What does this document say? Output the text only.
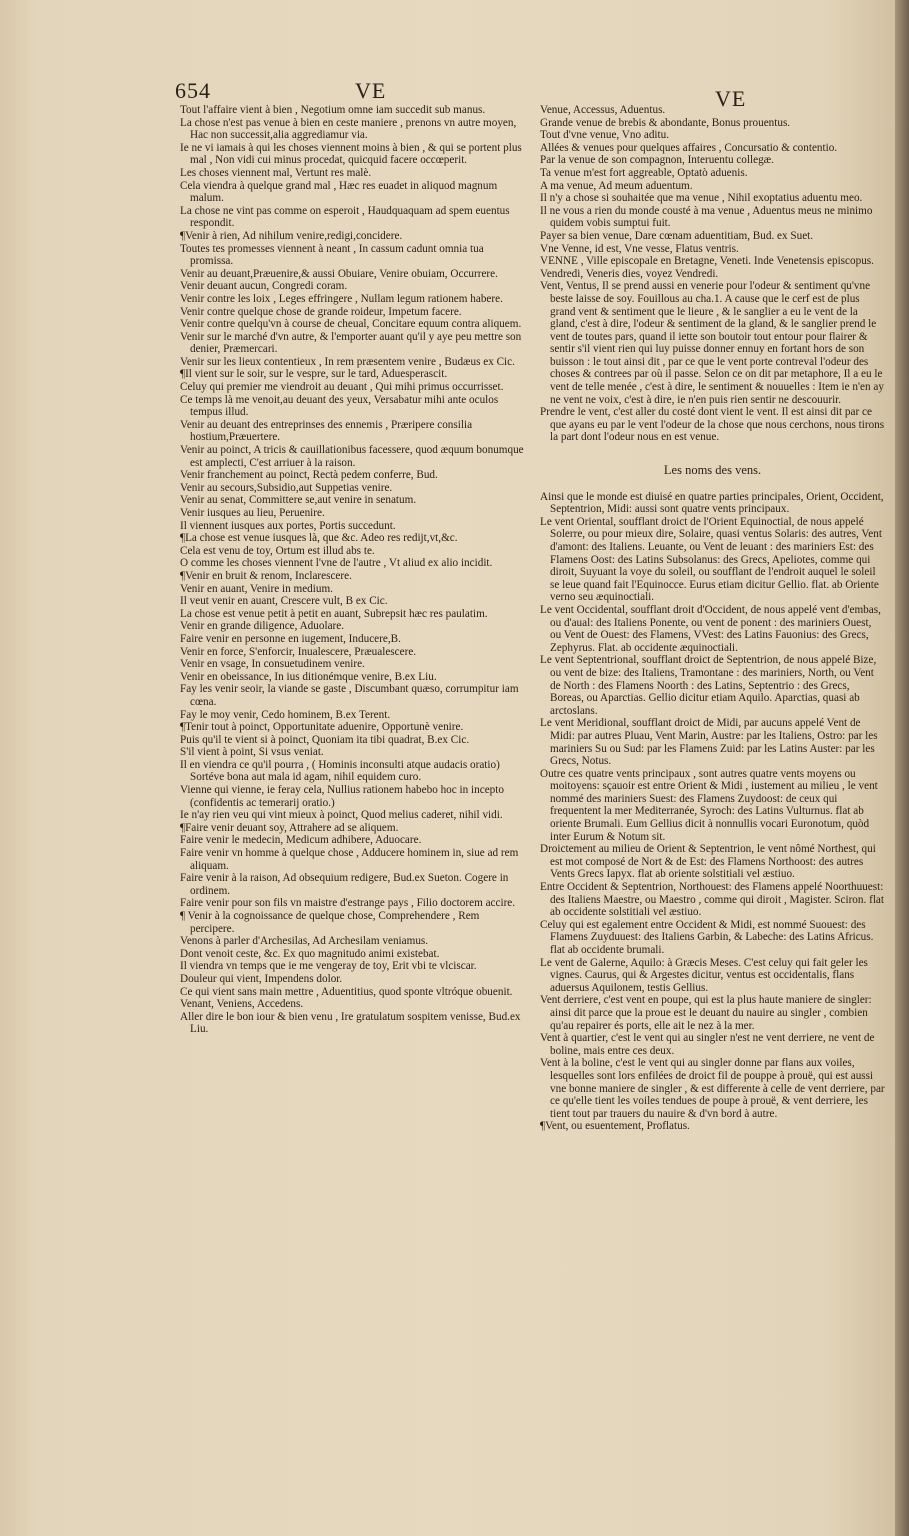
654	VE	VE

Tout l'affaire vient à bien , Negotium omne iam succedit sub manus.

La chose n'est pas venue à bien en ceste maniere , prenons vn autre moyen, Hac non successit,alia aggrediamur via.

Ie ne vi iamais à qui les choses viennent moins à bien , & qui se portent plus mal , Non vidi cui minus procedat, quicquid facere occœperit.

Les choses viennent mal, Vertunt res malè.

Cela viendra à quelque grand mal , Hæc res euadet in aliquod magnum malum.

La chose ne vint pas comme on esperoit , Haudquaquam ad spem euentus respondit.

¶Venir à rien, Ad nihilum venire,redigi,concidere.

Toutes tes promesses viennent à neant , In cassum cadunt omnia tua promissa.

Venir au deuant,Præuenire,& aussi Obuiare, Venire obuiam, Occurrere.

Venir deuant aucun, Congredi coram.

Venir contre les loix , Leges effringere , Nullam legum rationem habere.

Venir contre quelque chose de grande roideur, Impetum facere.

Venir contre quelqu'vn à course de cheual, Concitare equum contra aliquem.

Venir sur le marché d'vn autre, & l'emporter auant qu'il y aye peu mettre son denier, Præmercari.

Venir sur les lieux contentieux , In rem præsentem venire , Budæus ex Cic.

¶Il vient sur le soir, sur le vespre, sur le tard, Aduesperascit.

Celuy qui premier me viendroit au deuant , Qui mihi primus occurrisset.

Ce temps là me venoit,au deuant des yeux, Versabatur mihi ante oculos tempus illud.

Venir au deuant des entreprinses des ennemis , Præripere consilia hostium,Præuertere.

Venir au poinct, A tricis & cauillationibus facessere, quod æquum bonumque est amplecti, C'est arriuer à la raison.

Venir franchement au poinct, Rectà pedem conferre, Bud.

Venir au secours,Subsidio,aut Suppetias venire.

Venir au senat, Committere se,aut venire in senatum.

Venir iusques au lieu, Peruenire.

Il viennent iusques aux portes, Portis succedunt.

¶La chose est venue iusques là, que &c. Adeo res redijt,vt,&c.

Cela est venu de toy, Ortum est illud abs te.

O comme les choses viennent l'vne de l'autre , Vt aliud ex alio incidit.

¶Venir en bruit & renom, Inclarescere.

Venir en auant, Venire in medium.

Il veut venir en auant, Crescere vult, B ex Cic.

La chose est venue petit à petit en auant, Subrepsit hæc res paulatim.

Venir en grande diligence, Aduolare.

Faire venir en personne en iugement, Inducere,B.

Venir en force, S'enforcir, Inualescere, Præualescere.

Venir en vsage, In consuetudinem venire.

Venir en obeissance, In ius ditionémque venire, B.ex Liu.

Fay les venir seoir, la viande se gaste , Discumbant quæso, corrumpitur iam cœna.

Fay le moy venir, Cedo hominem, B.ex Terent.

¶Tenir tout à poinct, Opportunitate aduenire, Opportunè venire.

Puis qu'il te vient si à poinct, Quoniam ita tibi quadrat, B.ex Cic.

S'il vient à point, Si vsus veniat.

Il en viendra ce qu'il pourra , ( Hominis inconsulti atque audacis oratio) Sortéve bona aut mala id agam, nihil equidem curo.

Vienne qui vienne, ie feray cela, Nullius rationem habebo hoc in incepto (confidentis ac temerarij oratio.)

Ie n'ay rien veu qui vint mieux à poinct, Quod melius caderet, nihil vidi.

¶Faire venir deuant soy, Attrahere ad se aliquem.

Faire venir le medecin, Medicum adhibere, Aduocare.

Faire venir vn homme à quelque chose , Adducere hominem in, siue ad rem aliquam.

Faire venir à la raison, Ad obsequium redigere, Bud.ex Sueton. Cogere in ordinem.

Faire venir pour son fils vn maistre d'estrange pays , Filio doctorem accire.

¶ Venir à la cognoissance de quelque chose, Comprehendere , Rem percipere.

Venons à parler d'Archesilas, Ad Archesilam veniamus.

Dont venoit ceste, &c. Ex quo magnitudo animi existebat.

Il viendra vn temps que ie me vengeray de toy, Erit vbi te vlciscar.

Douleur qui vient, Impendens dolor.

Ce qui vient sans main mettre , Aduentitius, quod sponte vltróque obuenit.

Venant, Veniens, Accedens.

Aller dire le bon iour & bien venu , Ire gratulatum sospitem venisse, Bud.ex Liu.

Venue, Accessus, Aduentus.

Grande venue de brebis & abondante, Bonus prouentus.

Tout d'vne venue, Vno aditu.

Allées & venues pour quelques affaires , Concursatio & contentio.

Par la venue de son compagnon, Interuentu collegæ.

Ta venue m'est fort aggreable, Optatò aduenis.

A ma venue, Ad meum aduentum.

Il n'y a chose si souhaitée que ma venue , Nihil exoptatius aduentu meo.

Il ne vous a rien du monde cousté à ma venue , Aduentus meus ne minimo quidem vobis sumptui fuit.

Payer sa bien venue, Dare cœnam aduentitiam, Bud. ex Suet.

Vne Venne, id est, Vne vesse, Flatus ventris.

VENNE , Ville episcopale en Bretagne, Veneti. Inde Venetensis episcopus.

Vendredi, Veneris dies, voyez Vendredi.

Vent, Ventus, Il se prend aussi en venerie pour l'odeur & sentiment qu'vne beste laisse de soy. Fouillous au cha.1. A cause que le cerf est de plus grand vent & sentiment que le lieure , & le sanglier a eu le vent de la gland, c'est à dire, l'odeur & sentiment de la gland, & le sanglier prend le vent de toutes pars, quand il iette son boutoir tout entour pour flairer & sentir s'il vient rien qui luy puisse donner ennuy en fortant hors de son buisson : le tout ainsi dit , par ce que le vent porte contreval l'odeur des choses & contrees par où il passe. Selon ce on dit par metaphore, Il a eu le vent de telle menée , c'est à dire, le sentiment & nouuelles : Item ie n'en ay ne vent ne voix, c'est à dire, ie n'en puis rien sentir ne descouurir.

Prendre le vent, c'est aller du costé dont vient le vent. Il est ainsi dit par ce que ayans eu par le vent l'odeur de la chose que nous cerchons, nous tirons la part dont l'odeur nous en est venue.

Les noms des vens.

Ainsi que le monde est diuisé en quatre parties principales, Orient, Occident, Septentrion, Midi: aussi sont quatre vents principaux.

Le vent Oriental, soufflant droict de l'Orient Equinoctial, de nous appelé Solerre, ou pour mieux dire, Solaire, quasi ventus Solaris: des autres, Vent d'amont: des Italiens. Leuante, ou Vent de leuant : des mariniers Est: des Flamens Oost: des Latins Subsolanus: des Grecs, Apeliotes, comme qui diroit, Suyuant la voye du soleil, ou soufflant de l'endroit auquel le soleil se leue quand fait l'Equinocce. Eurus etiam dicitur Gellio. flat. ab Oriente verno seu æquinoctiali.

Le vent Occidental, soufflant droit d'Occident, de nous appelé vent d'embas, ou d'aual: des Italiens Ponente, ou vent de ponent : des mariniers Ouest, ou Vent de Ouest: des Flamens, VVest: des Latins Fauonius: des Grecs, Zephyrus. Flat. ab occidente æquinoctiali.

Le vent Septentrional, soufflant droict de Septentrion, de nous appelé Bize, ou vent de bize: des Italiens, Tramontane : des mariniers, North, ou Vent de North : des Flamens Noorth : des Latins, Septentrio : des Grecs, Boreas, ou Aparctias. Gellio dicitur etiam Aquilo. Aparctias, quasi ab arctoslans.

Le vent Meridional, soufflant droict de Midi, par aucuns appelé Vent de Midi: par autres Pluau, Vent Marin, Austre: par les Italiens, Ostro: par les mariniers Su ou Sud: par les Flamens Zuid: par les Latins Auster: par les Grecs, Notus.

Outre ces quatre vents principaux , sont autres quatre vents moyens ou moitoyens: sçauoir est entre Orient & Midi , iustement au milieu , le vent nommé des mariniers Suest: des Flamens Zuydoost: de ceux qui frequentent la mer Mediterranée, Syroch: des Latins Vulturnus. flat ab oriente Brumali. Eum Gellius dicit à nonnullis vocari Euronotum, quòd inter Eurum & Notum sit.

Droictement au milieu de Orient & Septentrion, le vent nômé Northest, qui est mot composé de Nort & de Est: des Flamens Northoost: des autres Vents Grecs Iapyx. flat ab oriente solstitiali vel æstiuo.

Entre Occident & Septentrion, Northouest: des Flamens appelé Noorthuuest: des Italiens Maestre, ou Maestro , comme qui diroit , Magister. Sciron. flat ab occidente solstitiali vel æstiuo.

Celuy qui est egalement entre Occident & Midi, est nommé Suouest: des Flamens Zuyduuest: des Italiens Garbin, & Labeche: des Latins Africus. flat ab occidente brumali.

Le vent de Galerne, Aquilo: à Græcis Meses. C'est celuy qui fait geler les vignes. Caurus, qui & Argestes dicitur, ventus est occidentalis, flans aduersus Aquilonem, testis Gellius.

Vent derriere, c'est vent en poupe, qui est la plus haute maniere de singler: ainsi dit parce que la proue est le deuant du nauire au singler , combien qu'au repairer és ports, elle ait le nez à la mer.

Vent à quartier, c'est le vent qui au singler n'est ne vent derriere, ne vent de boline, mais entre ces deux.

Vent à la boline, c'est le vent qui au singler donne par flans aux voiles, lesquelles sont lors enfilées de droict fil de pouppe à prouë, qui est aussi vne bonne maniere de singler , & est differente à celle de vent derriere, par ce qu'elle tient les voiles tendues de poupe à prouë, & vent derriere, les tient tout par trauers du nauire & d'vn bord à autre.

¶Vent, ou esuentement, Proflatus.
